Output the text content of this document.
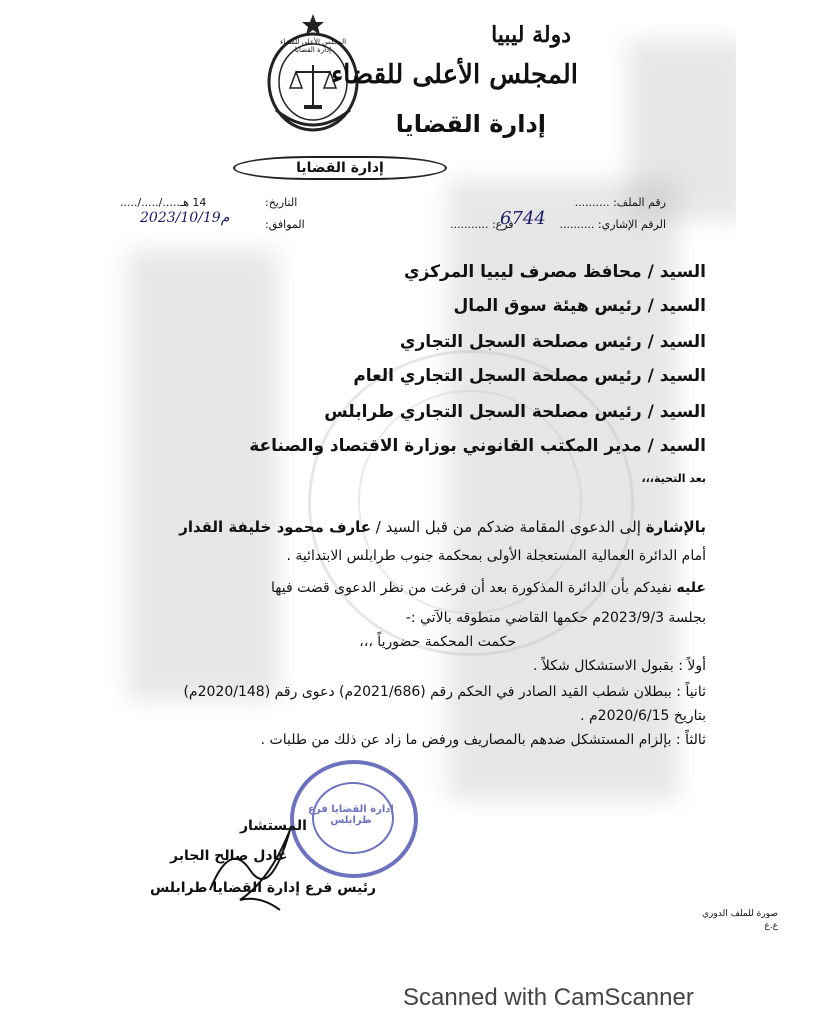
المجلس الأعلى للقضاء إدارة القضايا
دولة ليبيا
المجلس الأعلى للقضاء
إدارة القضايا
إدارة القضايا
رقم الملف: ..........
الرقم الإشاري: ..........
فرع: ...........
6744
التاريخ:
14 هـ...../...../.....
الموافق:
2023/10/19م
السيد / محافظ مصرف ليبيا المركزي
السيد / رئيس هيئة سوق المال
السيد / رئيس مصلحة السجل التجاري
السيد / رئيس مصلحة السجل التجاري العام
السيد / رئيس مصلحة السجل التجاري طرابلس
السيد / مدير المكتب القانوني بوزارة الاقتصاد والصناعة
بعد التحية،،،
بالإشارة إلى الدعوى المقامة ضدكم من قبل السيد / عارف محمود خليفة القدار
أمام الدائرة العمالية المستعجلة الأولى بمحكمة جنوب طرابلس الابتدائية .
عليه نفيدكم بأن الدائرة المذكورة بعد أن فرغت من نظر الدعوى قضت فيها
بجلسة 2023/9/3م حكمها القاضي منطوقه بالآتي :-
حكمت المحكمة حضورياً ،،،
أولاً : بقبول الاستشكال شكلاً .
ثانياً : ببطلان شطب القيد الصادر في الحكم رقم (2021/686م) دعوى رقم (2020/148م)
بتاريخ 2020/6/15م .
ثالثاً : بإلزام المستشكل ضدهم بالمصاريف ورفض ما زاد عن ذلك من طلبات .
إدارة القضايا فرع طرابلس
المستشار
عادل صالح الجابر
رئيس فرع إدارة القضايا طرابلس
صورة للملف الدوري
ع.ع
Scanned with CamScanner
